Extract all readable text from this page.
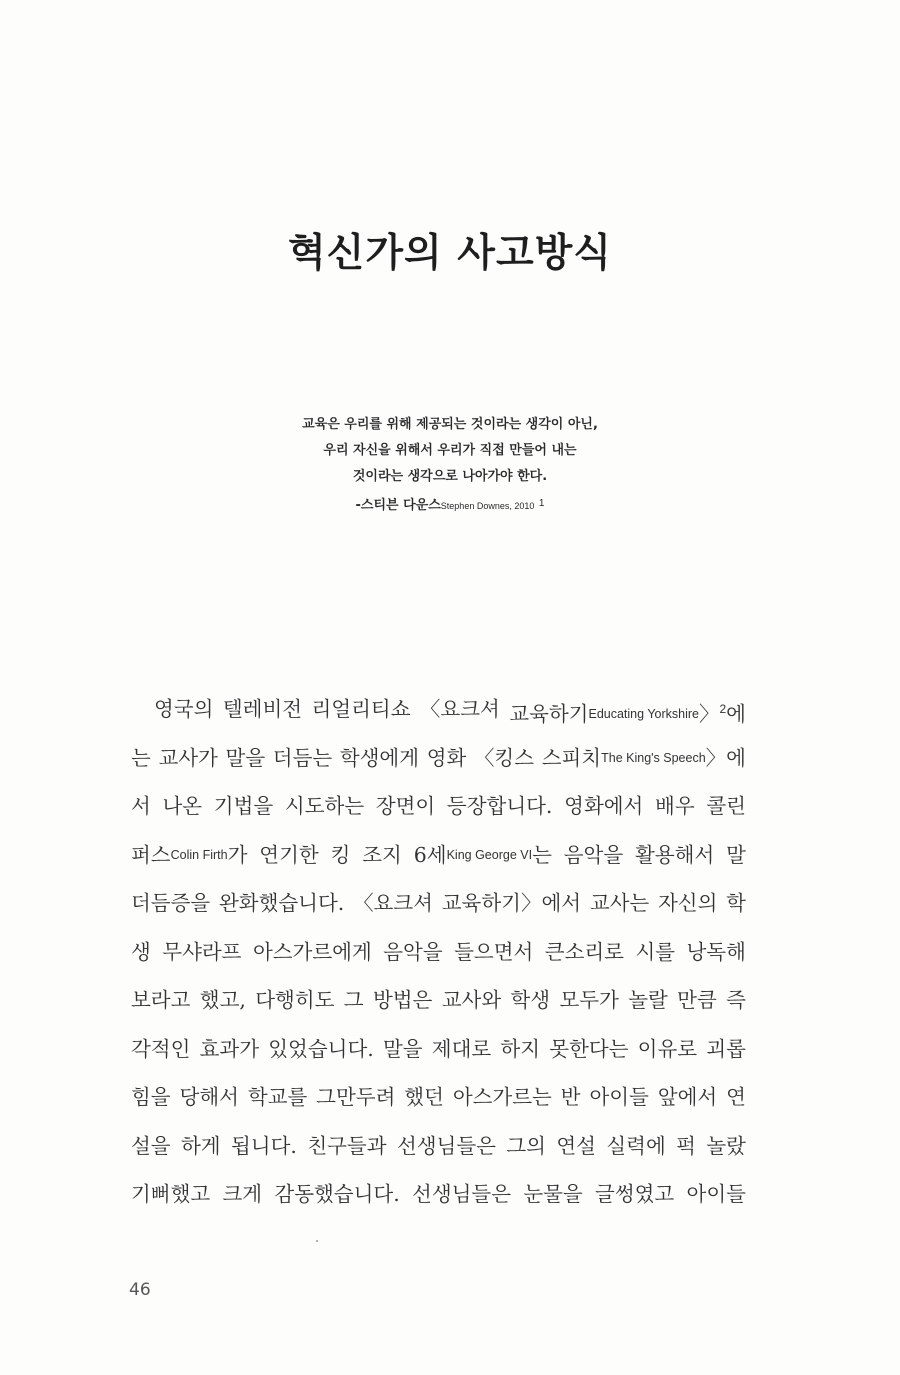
혁신가의 사고방식
교육은 우리를 위해 제공되는 것이라는 생각이 아닌,
우리 자신을 위해서 우리가 직접 만들어 내는
것이라는 생각으로 나아가야 한다.
-스티븐 다운스Stephen Downes, 2010 $^1$
영국의 텔레비전 리얼리티쇼 〈요크셔 교육하기Educating Yorkshire〉$^2$에
는 교사가 말을 더듬는 학생에게 영화 〈킹스 스피치The King's Speech〉에
서 나온 기법을 시도하는 장면이 등장합니다. 영화에서 배우 콜린
퍼스Colin Firth가 연기한 킹 조지 6세King George VI는 음악을 활용해서 말
더듬증을 완화했습니다. 〈요크셔 교육하기〉에서 교사는 자신의 학
생 무샤라프 아스가르에게 음악을 들으면서 큰소리로 시를 낭독해
보라고 했고, 다행히도 그 방법은 교사와 학생 모두가 놀랄 만큼 즉
각적인 효과가 있었습니다. 말을 제대로 하지 못한다는 이유로 괴롭
힘을 당해서 학교를 그만두려 했던 아스가르는 반 아이들 앞에서 연
설을 하게 됩니다. 친구들과 선생님들은 그의 연설 실력에 퍽 놀랐
기뻐했고 크게 감동했습니다. 선생님들은 눈물을 글썽였고 아이들
46
